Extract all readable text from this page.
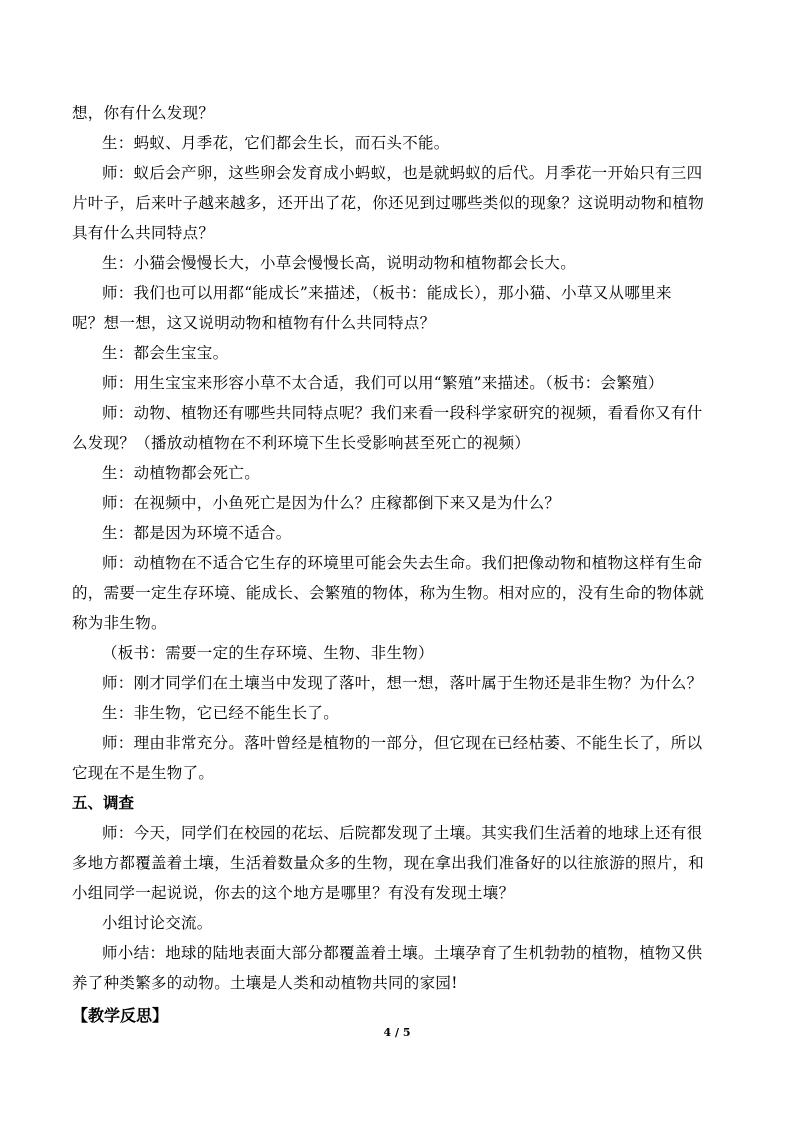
想，你有什么发现？
生：蚂蚁、月季花，它们都会生长，而石头不能。
师：蚁后会产卵，这些卵会发育成小蚂蚁，也是就蚂蚁的后代。月季花一开始只有三四
片叶子，后来叶子越来越多，还开出了花，你还见到过哪些类似的现象？这说明动物和植物
具有什么共同特点？
生：小猫会慢慢长大，小草会慢慢长高，说明动物和植物都会长大。
师：我们也可以用都“能成长”来描述，（板书：能成长），那小猫、小草又从哪里来
呢？想一想，这又说明动物和植物有什么共同特点？
生：都会生宝宝。
师：用生宝宝来形容小草不太合适，我们可以用“繁殖”来描述。（板书：会繁殖）
师：动物、植物还有哪些共同特点呢？我们来看一段科学家研究的视频，看看你又有什
么发现？（播放动植物在不利环境下生长受影响甚至死亡的视频）
生：动植物都会死亡。
师：在视频中，小鱼死亡是因为什么？庄稼都倒下来又是为什么？
生：都是因为环境不适合。
师：动植物在不适合它生存的环境里可能会失去生命。我们把像动物和植物这样有生命
的，需要一定生存环境、能成长、会繁殖的物体，称为生物。相对应的，没有生命的物体就
称为非生物。
（板书：需要一定的生存环境、生物、非生物）
师：刚才同学们在土壤当中发现了落叶，想一想，落叶属于生物还是非生物？为什么？
生：非生物，它已经不能生长了。
师：理由非常充分。落叶曾经是植物的一部分，但它现在已经枯萎、不能生长了，所以
它现在不是生物了。
五、调查
师：今天，同学们在校园的花坛、后院都发现了土壤。其实我们生活着的地球上还有很
多地方都覆盖着土壤，生活着数量众多的生物，现在拿出我们准备好的以往旅游的照片，和
小组同学一起说说，你去的这个地方是哪里？有没有发现土壤？
小组讨论交流。
师小结：地球的陆地表面大部分都覆盖着土壤。土壤孕育了生机勃勃的植物，植物又供
养了种类繁多的动物。土壤是人类和动植物共同的家园!
【教学反思】
4 / 5
